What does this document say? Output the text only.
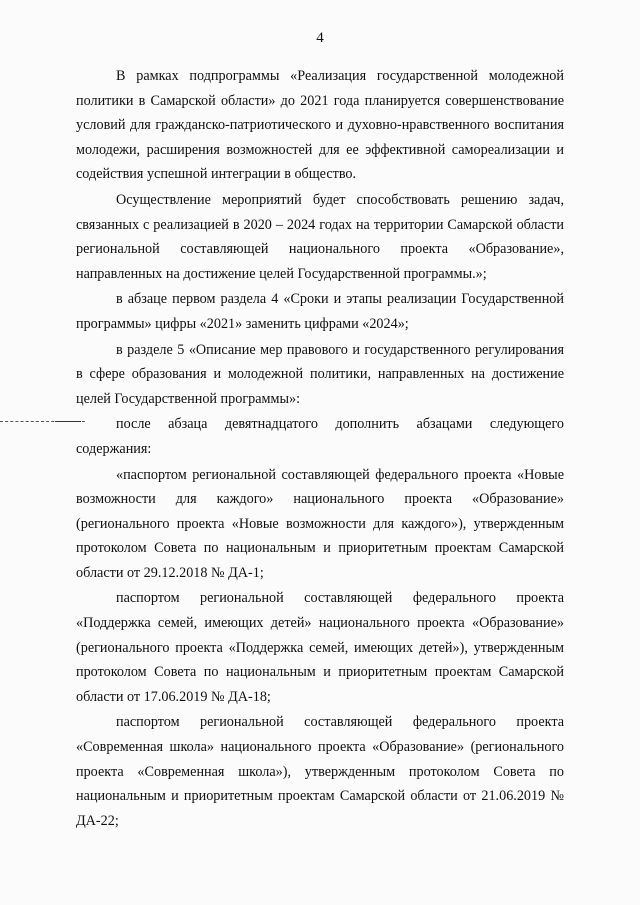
4

В рамках подпрограммы «Реализация государственной молодежной политики в Самарской области» до 2021 года планируется совершенствование условий для гражданско-патриотического и духовно-нравственного воспитания молодежи, расширения возможностей для ее эффективной самореализации и содействия успешной интеграции в общество.

Осуществление мероприятий будет способствовать решению задач, связанных с реализацией в 2020 – 2024 годах на территории Самарской области региональной составляющей национального проекта «Образование», направленных на достижение целей Государственной программы.»;

в абзаце первом раздела 4 «Сроки и этапы реализации Государственной программы» цифры «2021» заменить цифрами «2024»;

в разделе 5 «Описание мер правового и государственного регулирования в сфере образования и молодежной политики, направленных на достижение целей Государственной программы»:

после абзаца девятнадцатого дополнить абзацами следующего содержания:

«паспортом региональной составляющей федерального проекта «Новые возможности для каждого» национального проекта «Образование» (регионального проекта «Новые возможности для каждого»), утвержденным протоколом Совета по национальным и приоритетным проектам Самарской области от 29.12.2018 № ДА-1;

паспортом региональной составляющей федерального проекта «Поддержка семей, имеющих детей» национального проекта «Образование» (регионального проекта «Поддержка семей, имеющих детей»), утвержденным протоколом Совета по национальным и приоритетным проектам Самарской области от 17.06.2019 № ДА-18;

паспортом региональной составляющей федерального проекта «Современная школа» национального проекта «Образование» (регионального проекта «Современная школа»), утвержденным протоколом Совета по национальным и приоритетным проектам Самарской области от 21.06.2019 № ДА-22;
